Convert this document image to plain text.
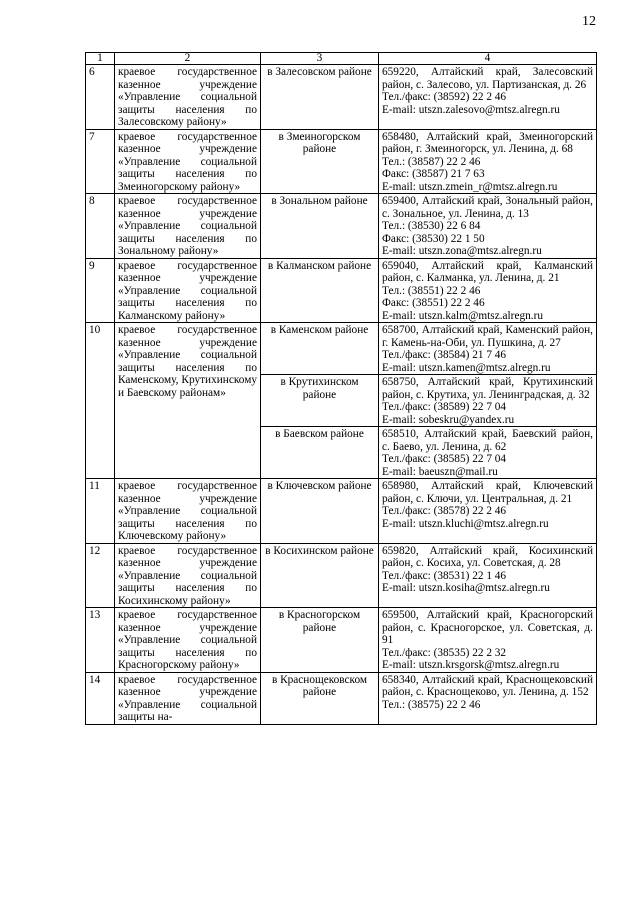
12
1	2	3	4
6	краевое государственное казенное учреждение «Управление социальной защиты населения по Залесовскому району»	в Залесовском районе	659220, Алтайский край, Залесовский район, с. Залесово, ул. Партизанская, д. 26
Тел./факс: (38592) 22 2 46
E-mail: utszn.zalesovo@mtsz.alregn.ru

7	краевое государственное казенное учреждение «Управление социальной защиты населения по Змеиногорскому району»	в Змеиногорском районе	658480, Алтайский край, Змеиногорский район, г. Змеиногорск, ул. Ленина, д. 68
Тел.: (38587) 22 2 46
Факс: (38587) 21 7 63
E-mail: utszn.zmein_r@mtsz.alregn.ru

8	краевое государственное казенное учреждение «Управление социальной защиты населения по Зональному району»	в Зональном районе	659400, Алтайский край, Зональный район, с. Зональное, ул. Ленина, д. 13
Тел.: (38530) 22 6 84
Факс: (38530) 22 1 50
E-mail: utszn.zona@mtsz.alregn.ru

9	краевое государственное казенное учреждение «Управление социальной защиты населения по Калманскому району»	в Калманском районе	659040, Алтайский край, Калманский район, с. Калманка, ул. Ленина, д. 21
Тел.: (38551) 22 2 46
Факс: (38551) 22 2 46
E-mail: utszn.kalm@mtsz.alregn.ru

10	краевое государственное казенное учреждение «Управление социальной защиты населения по Каменскому, Крутихинскому и Баевскому районам»	в Каменском районе	658700, Алтайский край, Каменский район, г. Камень-на-Оби, ул. Пушкина, д. 27
Тел./факс: (38584) 21 7 46
E-mail: utszn.kamen@mtsz.alregn.ru

		в Крутихинском районе	658750, Алтайский край, Крутихинский район, с. Крутиха, ул. Ленинградская, д. 32
Тел./факс: (38589) 22 7 04
E-mail: sobeskru@yandex.ru

		в Баевском районе	658510, Алтайский край, Баевский район, с. Баево, ул. Ленина, д. 62
Тел./факс: (38585) 22 7 04
E-mail: baeuszn@mail.ru

11	краевое государственное казенное учреждение «Управление социальной защиты населения по Ключевскому району»	в Ключевском районе	658980, Алтайский край, Ключевский район, с. Ключи, ул. Центральная, д. 21
Тел./факс: (38578) 22 2 46
E-mail: utszn.kluchi@mtsz.alregn.ru

12	краевое государственное казенное учреждение «Управление социальной защиты населения по Косихинскому району»	в Косихинском районе	659820, Алтайский край, Косихинский район, с. Косиха, ул. Советская, д. 28
Тел./факс: (38531) 22 1 46
E-mail: utszn.kosiha@mtsz.alregn.ru

13	краевое государственное казенное учреждение «Управление социальной защиты населения по Красногорскому району»	в Красногорском районе	659500, Алтайский край, Красногорский район, с. Красногорское, ул. Советская, д. 91
Тел./факс: (38535) 22 2 32
E-mail: utszn.krsgorsk@mtsz.alregn.ru

14	краевое государственное казенное учреждение «Управление социальной защиты на-	в Краснощековском районе	658340, Алтайский край, Краснощековский район, с. Краснощеково, ул. Ленина, д. 152
Тел.: (38575) 22 2 46
